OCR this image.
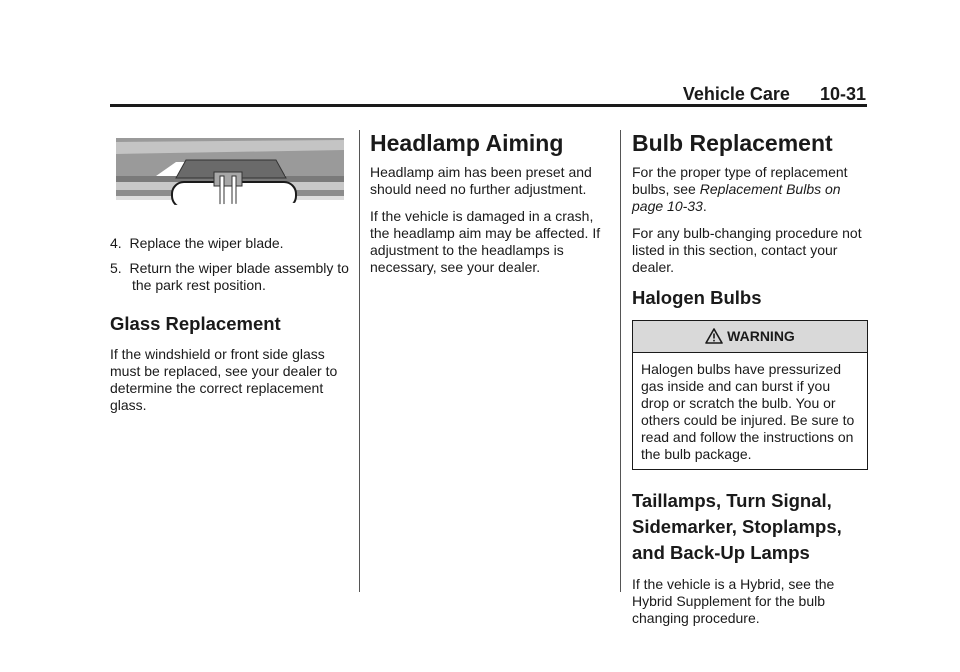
Vehicle Care 10-31
4. Replace the wiper blade.
5. Return the wiper blade assembly to the park rest position.
Glass Replacement

If the windshield or front side glass must be replaced, see your dealer to determine the correct replacement glass.

Headlamp Aiming

Headlamp aim has been preset and should need no further adjustment.

If the vehicle is damaged in a crash, the headlamp aim may be affected. If adjustment to the headlamps is necessary, see your dealer.

Bulb Replacement

For the proper type of replacement bulbs, see Replacement Bulbs on page 10-33.

For any bulb-changing procedure not listed in this section, contact your dealer.

Halogen Bulbs
WARNING

Halogen bulbs have pressurized gas inside and can burst if you drop or scratch the bulb. You or others could be injured. Be sure to read and follow the instructions on the bulb package.

Taillamps, Turn Signal,
Sidemarker, Stoplamps,
and Back-Up Lamps

If the vehicle is a Hybrid, see the Hybrid Supplement for the bulb changing procedure.
